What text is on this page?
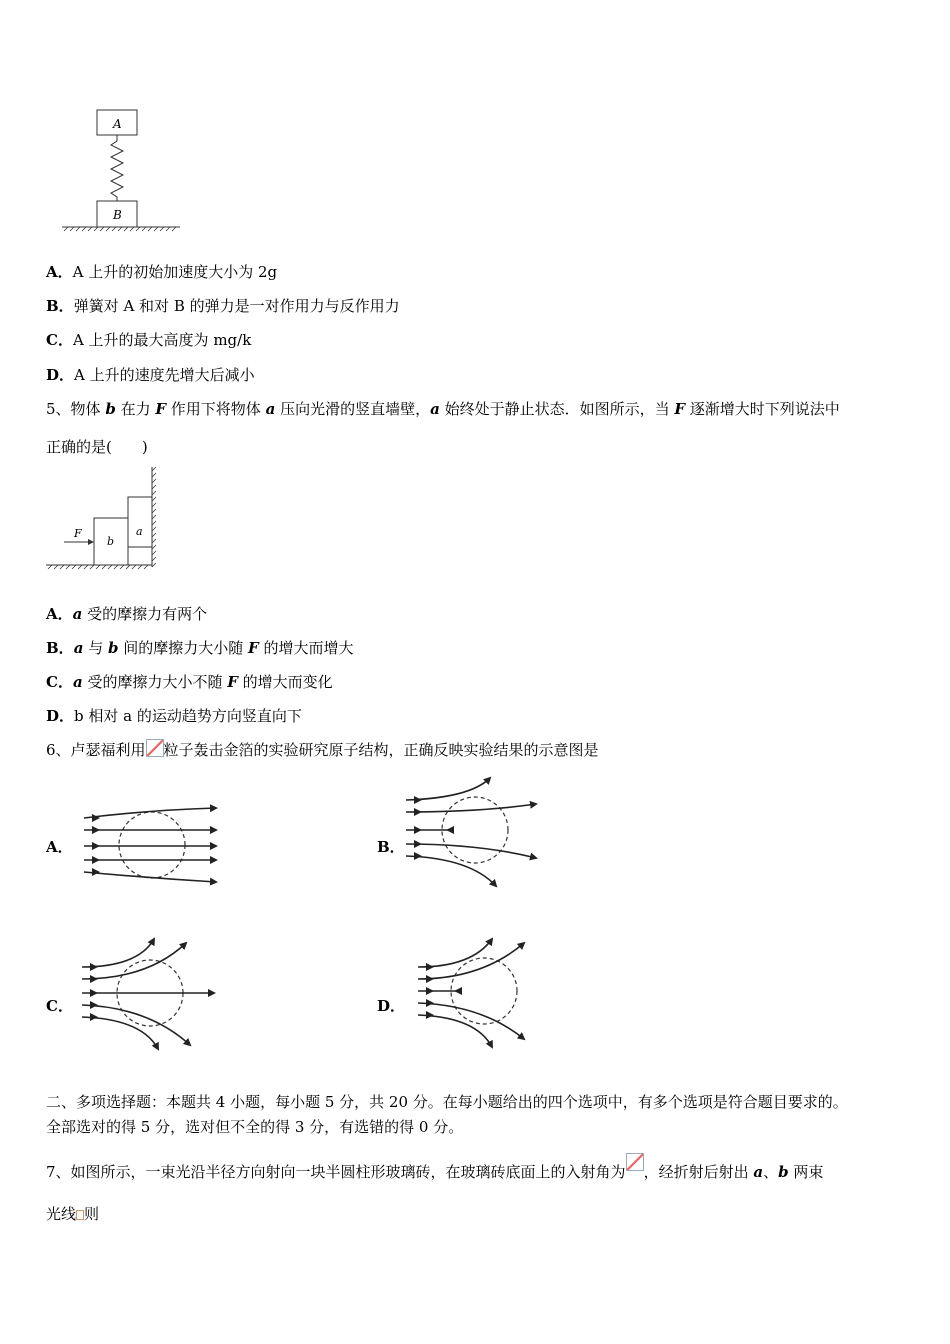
A
B
A．A 上升的初始加速度大小为 2g
B．弹簧对 A 和对 B 的弹力是一对作用力与反作用力
C．A 上升的最大高度为 mg/k
D．A 上升的速度先增大后减小
5、物体 b 在力 F 作用下将物体 a 压向光滑的竖直墙壁，a 始终处于静止状态．如图所示，当 F 逐渐增大时下列说法中
正确的是(　　)
a
b
F
A．a 受的摩擦力有两个
B．a 与 b 间的摩擦力大小随 F 的增大而增大
C．a 受的摩擦力大小不随 F 的增大而变化
D．b 相对 a 的运动趋势方向竖直向下
6、卢瑟福利用 粒子轰击金箔的实验研究原子结构，正确反映实验结果的示意图是
A．	B．
C．	D．
二、多项选择题：本题共 4 小题，每小题 5 分，共 20 分。在每小题给出的四个选项中，有多个选项是符合题目要求的。
全部选对的得 5 分，选对但不全的得 3 分，有选错的得 0 分。
7、如图所示，一束光沿半径方向射向一块半圆柱形玻璃砖，在玻璃砖底面上的入射角为 ，经折射后射出 a、b 两束
光线 则
